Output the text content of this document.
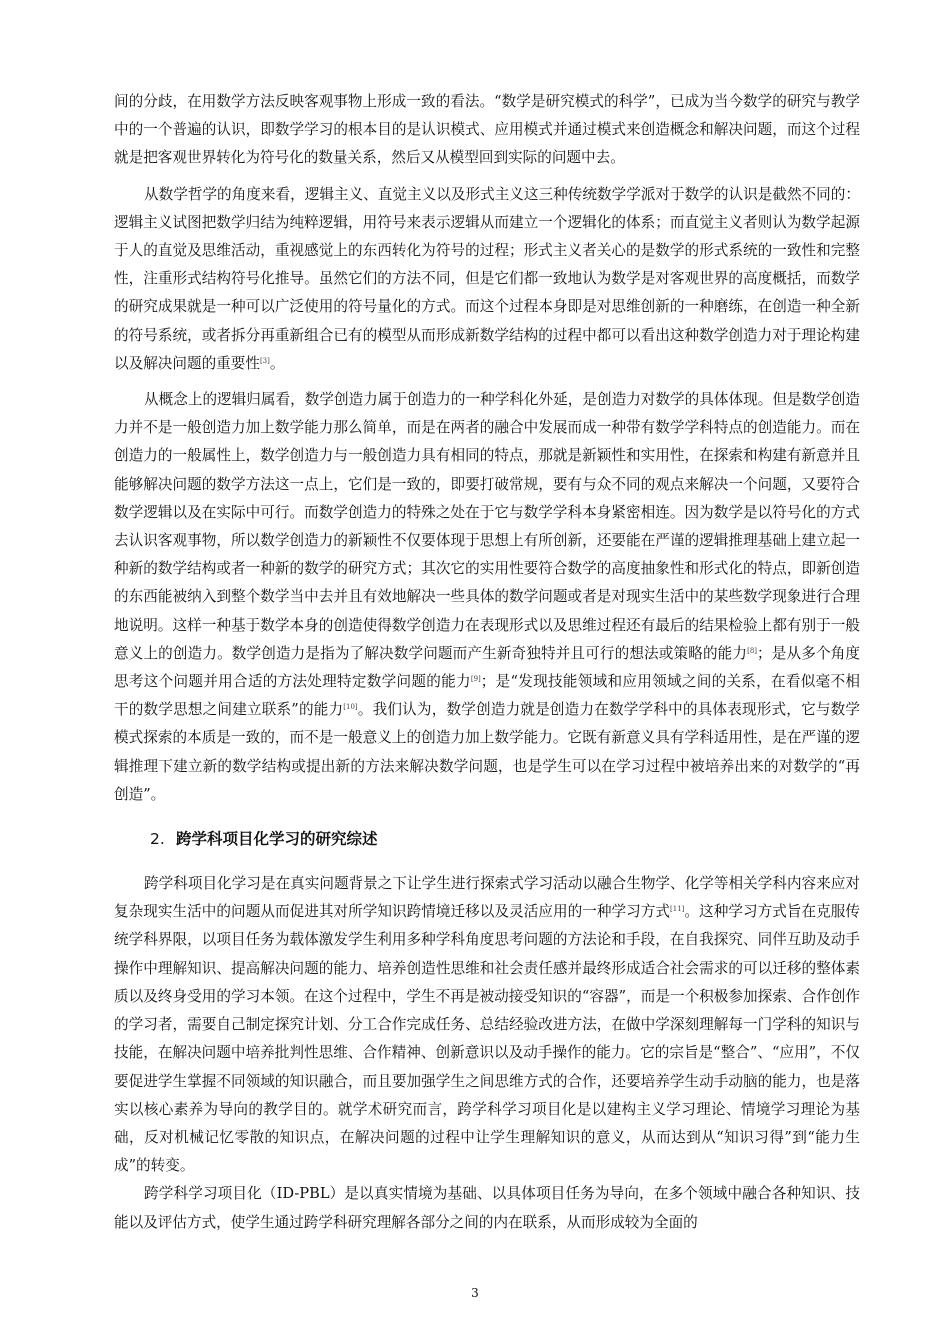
间的分歧，在用数学方法反映客观事物上形成一致的看法。“数学是研究模式的科学”，已成为当今数学的研究与教学中的一个普遍的认识，即数学学习的根本目的是认识模式、应用模式并通过模式来创造概念和解决问题，而这个过程就是把客观世界转化为符号化的数量关系，然后又从模型回到实际的问题中去。

从数学哲学的角度来看，逻辑主义、直觉主义以及形式主义这三种传统数学学派对于数学的认识是截然不同的：逻辑主义试图把数学归结为纯粹逻辑，用符号来表示逻辑从而建立一个逻辑化的体系；而直觉主义者则认为数学起源于人的直觉及思维活动，重视感觉上的东西转化为符号的过程；形式主义者关心的是数学的形式系统的一致性和完整性，注重形式结构符号化推导。虽然它们的方法不同，但是它们都一致地认为数学是对客观世界的高度概括，而数学的研究成果就是一种可以广泛使用的符号量化的方式。而这个过程本身即是对思维创新的一种磨练，在创造一种全新的符号系统，或者拆分再重新组合已有的模型从而形成新数学结构的过程中都可以看出这种数学创造力对于理论构建以及解决问题的重要性[3]。

从概念上的逻辑归属看，数学创造力属于创造力的一种学科化外延，是创造力对数学的具体体现。但是数学创造力并不是一般创造力加上数学能力那么简单，而是在两者的融合中发展而成一种带有数学学科特点的创造能力。而在创造力的一般属性上，数学创造力与一般创造力具有相同的特点，那就是新颖性和实用性，在探索和构建有新意并且能够解决问题的数学方法这一点上，它们是一致的，即要打破常规，要有与众不同的观点来解决一个问题，又要符合数学逻辑以及在实际中可行。而数学创造力的特殊之处在于它与数学学科本身紧密相连。因为数学是以符号化的方式去认识客观事物，所以数学创造力的新颖性不仅要体现于思想上有所创新，还要能在严谨的逻辑推理基础上建立起一种新的数学结构或者一种新的数学的研究方式；其次它的实用性要符合数学的高度抽象性和形式化的特点，即新创造的东西能被纳入到整个数学当中去并且有效地解决一些具体的数学问题或者是对现实生活中的某些数学现象进行合理地说明。这样一种基于数学本身的创造使得数学创造力在表现形式以及思维过程还有最后的结果检验上都有别于一般意义上的创造力。数学创造力是指为了解决数学问题而产生新奇独特并且可行的想法或策略的能力[8]；是从多个角度思考这个问题并用合适的方法处理特定数学问题的能力[9]；是“发现技能领域和应用领域之间的关系，在看似毫不相干的数学思想之间建立联系”的能力[10]。我们认为，数学创造力就是创造力在数学学科中的具体表现形式，它与数学模式探索的本质是一致的，而不是一般意义上的创造力加上数学能力。它既有新意义具有学科适用性，是在严谨的逻辑推理下建立新的数学结构或提出新的方法来解决数学问题，也是学生可以在学习过程中被培养出来的对数学的“再创造”。

2. 跨学科项目化学习的研究综述

跨学科项目化学习是在真实问题背景之下让学生进行探索式学习活动以融合生物学、化学等相关学科内容来应对复杂现实生活中的问题从而促进其对所学知识跨情境迁移以及灵活应用的一种学习方式[11]。这种学习方式旨在克服传统学科界限，以项目任务为载体激发学生利用多种学科角度思考问题的方法论和手段，在自我探究、同伴互助及动手操作中理解知识、提高解决问题的能力、培养创造性思维和社会责任感并最终形成适合社会需求的可以迁移的整体素质以及终身受用的学习本领。在这个过程中，学生不再是被动接受知识的“容器”，而是一个积极参加探索、合作创作的学习者，需要自己制定探究计划、分工合作完成任务、总结经验改进方法，在做中学深刻理解每一门学科的知识与技能，在解决问题中培养批判性思维、合作精神、创新意识以及动手操作的能力。它的宗旨是“整合”、“应用”，不仅要促进学生掌握不同领域的知识融合，而且要加强学生之间思维方式的合作，还要培养学生动手动脑的能力，也是落实以核心素养为导向的教学目的。就学术研究而言，跨学科学习项目化是以建构主义学习理论、情境学习理论为基础，反对机械记忆零散的知识点，在解决问题的过程中让学生理解知识的意义，从而达到从“知识习得”到“能力生成”的转变。

跨学科学习项目化（ID-PBL）是以真实情境为基础、以具体项目任务为导向，在多个领域中融合各种知识、技能以及评估方式，使学生通过跨学科研究理解各部分之间的内在联系，从而形成较为全面的

3
